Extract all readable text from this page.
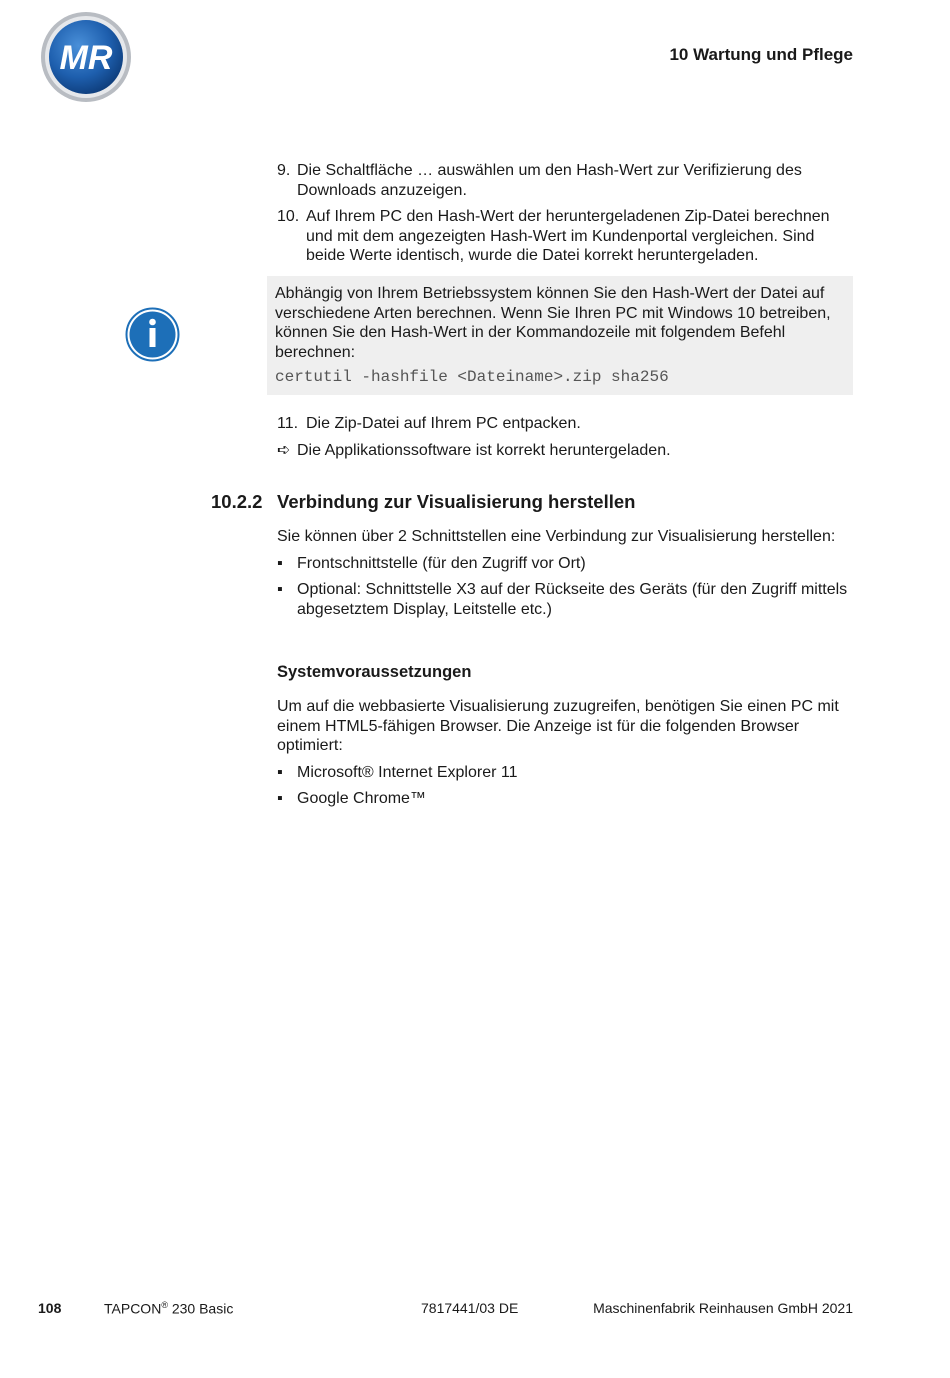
MR	10 Wartung und Pflege
9. Die Schaltfläche … auswählen um den Hash-Wert zur Verifizierung des Downloads anzuzeigen.
10. Auf Ihrem PC den Hash-Wert der heruntergeladenen Zip-Datei berechnen und mit dem angezeigten Hash-Wert im Kundenportal vergleichen. Sind beide Werte identisch, wurde die Datei korrekt heruntergeladen.
Abhängig von Ihrem Betriebssystem können Sie den Hash-Wert der Datei auf verschiedene Arten berechnen. Wenn Sie Ihren PC mit Windows 10 betreiben, können Sie den Hash-Wert in der Kommandozeile mit folgendem Befehl berechnen:
certutil -hashfile <Dateiname>.zip sha256
11. Die Zip-Datei auf Ihrem PC entpacken.
➪ Die Applikationssoftware ist korrekt heruntergeladen.
10.2.2 Verbindung zur Visualisierung herstellen
Sie können über 2 Schnittstellen eine Verbindung zur Visualisierung herstellen:
▪ Frontschnittstelle (für den Zugriff vor Ort)
▪ Optional: Schnittstelle X3 auf der Rückseite des Geräts (für den Zugriff mittels abgesetztem Display, Leitstelle etc.)
Systemvoraussetzungen
Um auf die webbasierte Visualisierung zuzugreifen, benötigen Sie einen PC mit einem HTML5-fähigen Browser. Die Anzeige ist für die folgenden Browser optimiert:
▪ Microsoft® Internet Explorer 11
▪ Google Chrome™
108	TAPCON® 230 Basic	7817441/03 DE	Maschinenfabrik Reinhausen GmbH 2021
